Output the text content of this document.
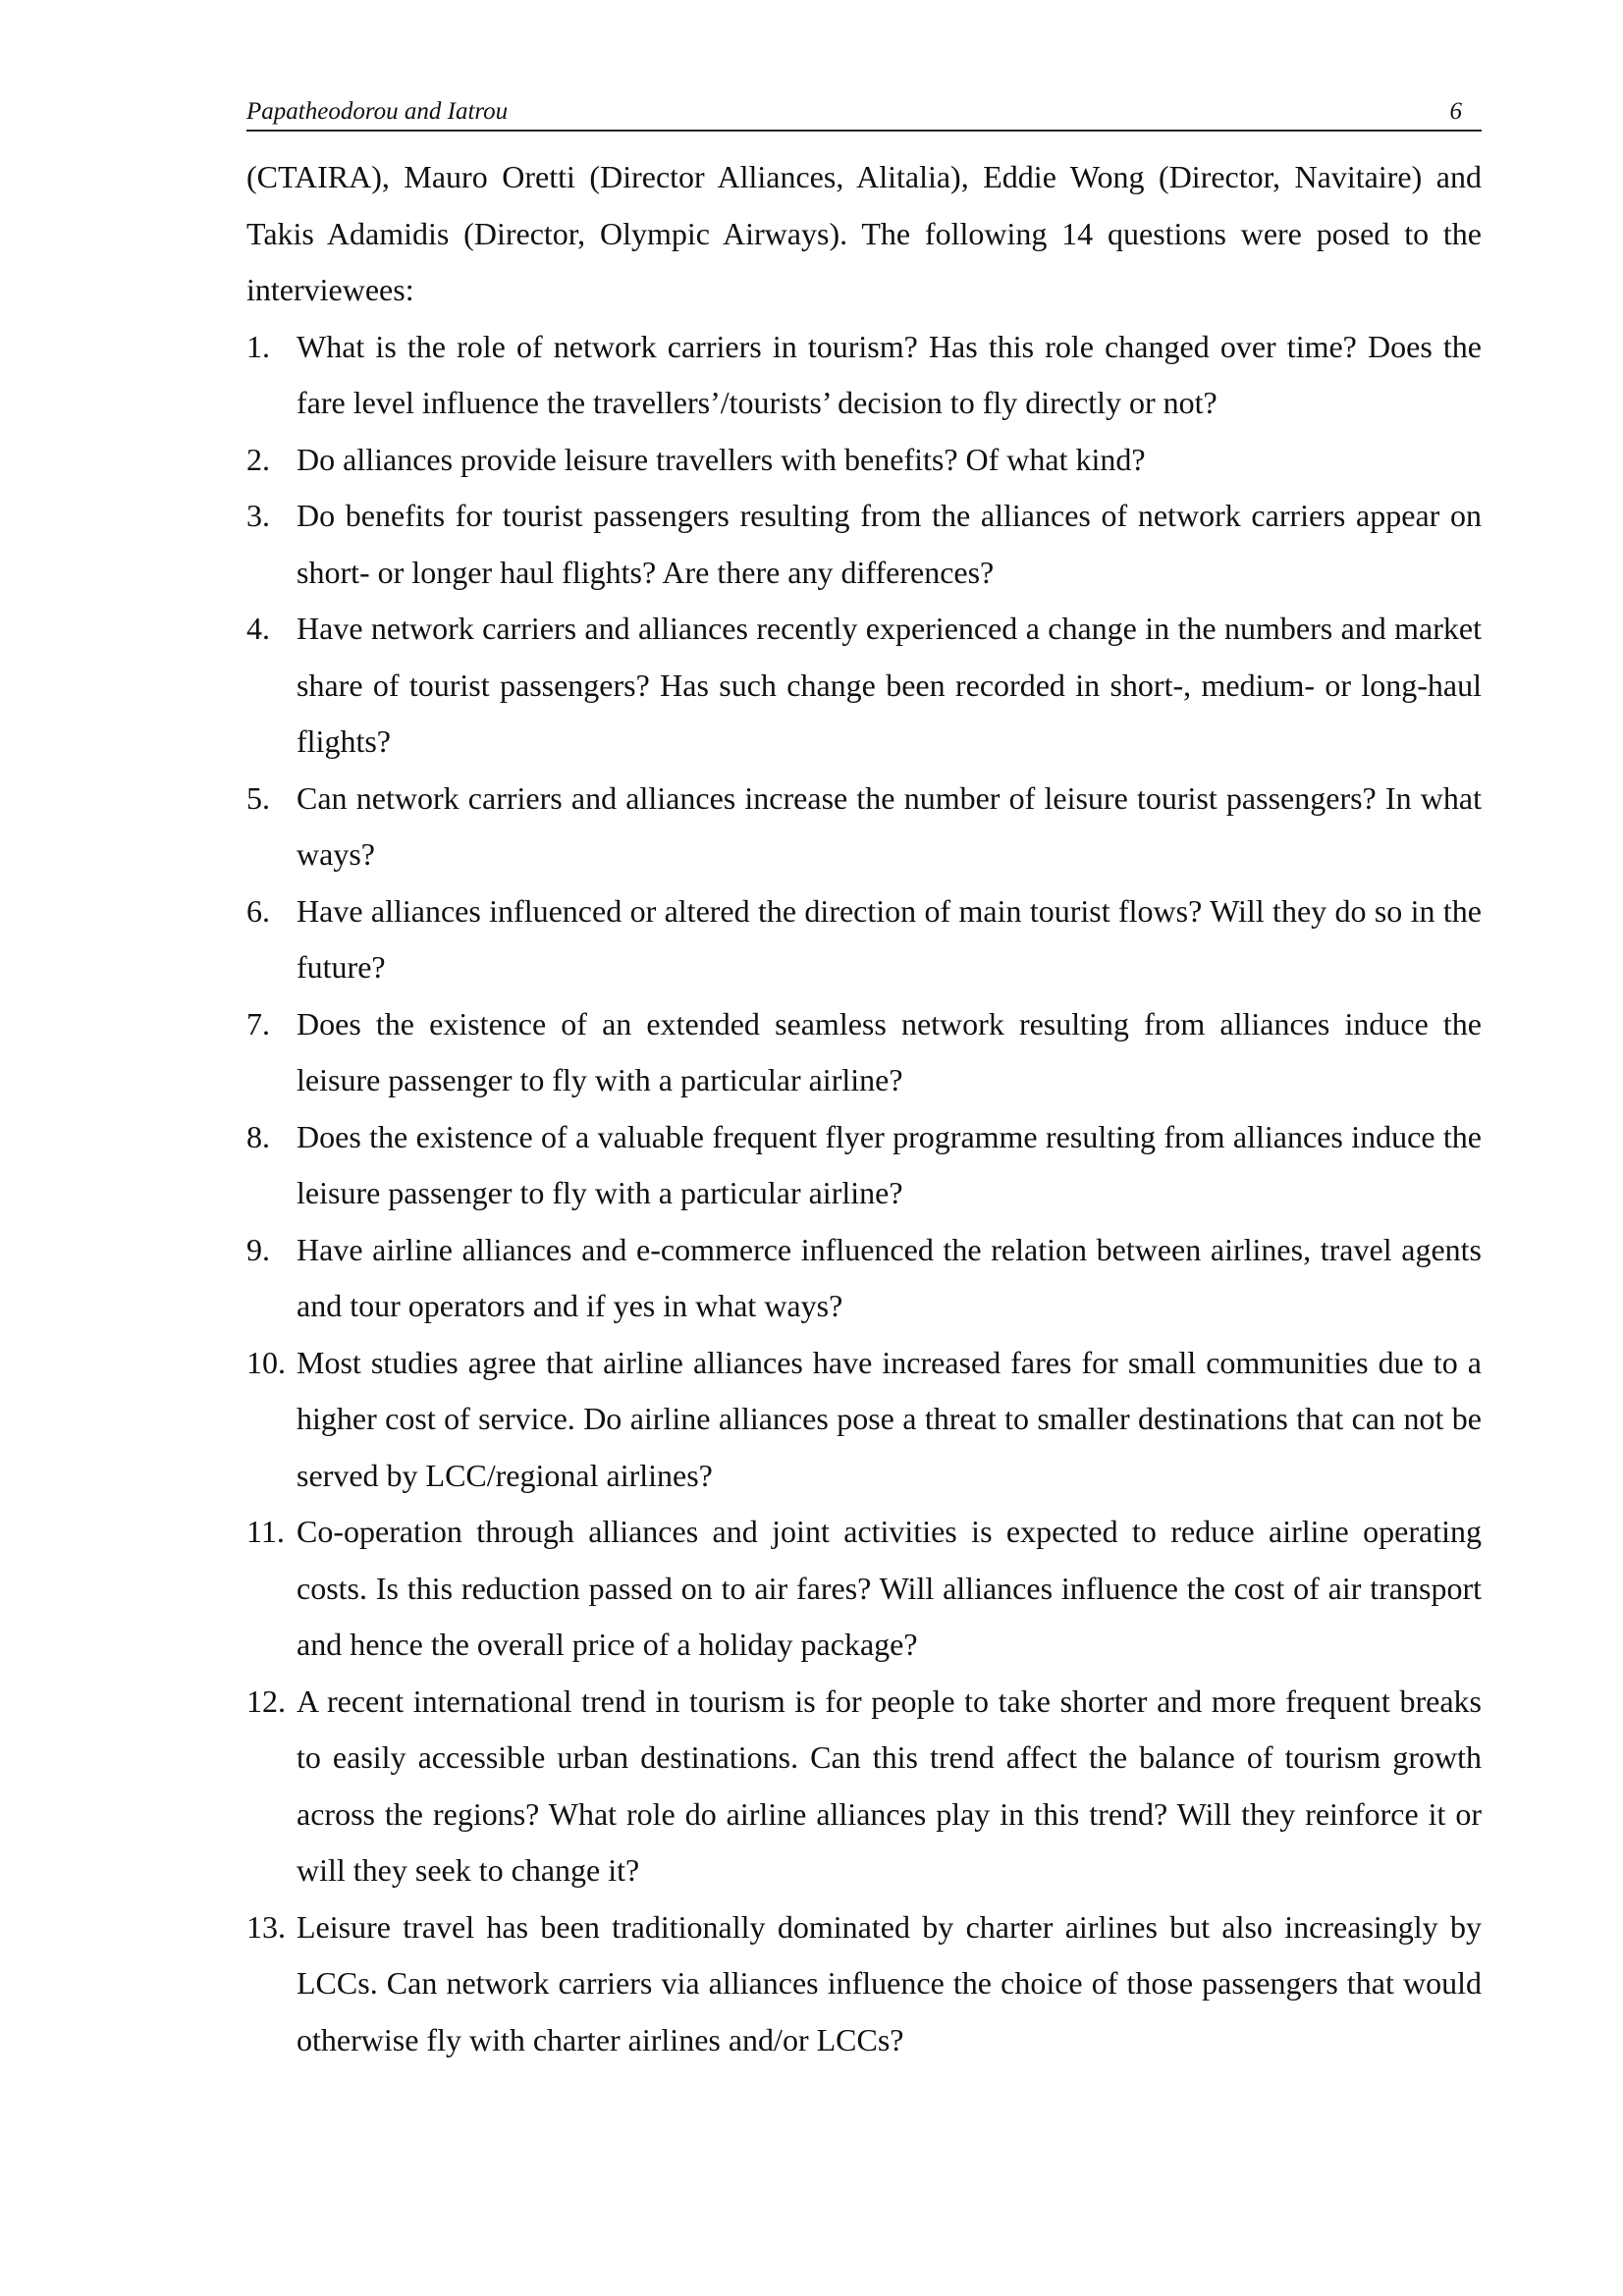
Papatheodorou and Iatrou	6

(CTAIRA), Mauro Oretti (Director Alliances, Alitalia), Eddie Wong (Director, Navitaire) and Takis Adamidis (Director, Olympic Airways). The following 14 questions were posed to the interviewees:

1. What is the role of network carriers in tourism? Has this role changed over time? Does the fare level influence the travellers’/tourists’ decision to fly directly or not?
2. Do alliances provide leisure travellers with benefits? Of what kind?
3. Do benefits for tourist passengers resulting from the alliances of network carriers appear on short- or longer haul flights? Are there any differences?
4. Have network carriers and alliances recently experienced a change in the numbers and market share of tourist passengers? Has such change been recorded in short-, medium- or long-haul flights?
5. Can network carriers and alliances increase the number of leisure tourist passengers? In what ways?
6. Have alliances influenced or altered the direction of main tourist flows? Will they do so in the future?
7. Does the existence of an extended seamless network resulting from alliances induce the leisure passenger to fly with a particular airline?
8. Does the existence of a valuable frequent flyer programme resulting from alliances induce the leisure passenger to fly with a particular airline?
9. Have airline alliances and e-commerce influenced the relation between airlines, travel agents and tour operators and if yes in what ways?
10. Most studies agree that airline alliances have increased fares for small communities due to a higher cost of service. Do airline alliances pose a threat to smaller destinations that can not be served by LCC/regional airlines?
11. Co-operation through alliances and joint activities is expected to reduce airline operating costs. Is this reduction passed on to air fares? Will alliances influence the cost of air transport and hence the overall price of a holiday package?
12. A recent international trend in tourism is for people to take shorter and more frequent breaks to easily accessible urban destinations. Can this trend affect the balance of tourism growth across the regions? What role do airline alliances play in this trend? Will they reinforce it or will they seek to change it?
13. Leisure travel has been traditionally dominated by charter airlines but also increasingly by LCCs. Can network carriers via alliances influence the choice of those passengers that would otherwise fly with charter airlines and/or LCCs?
